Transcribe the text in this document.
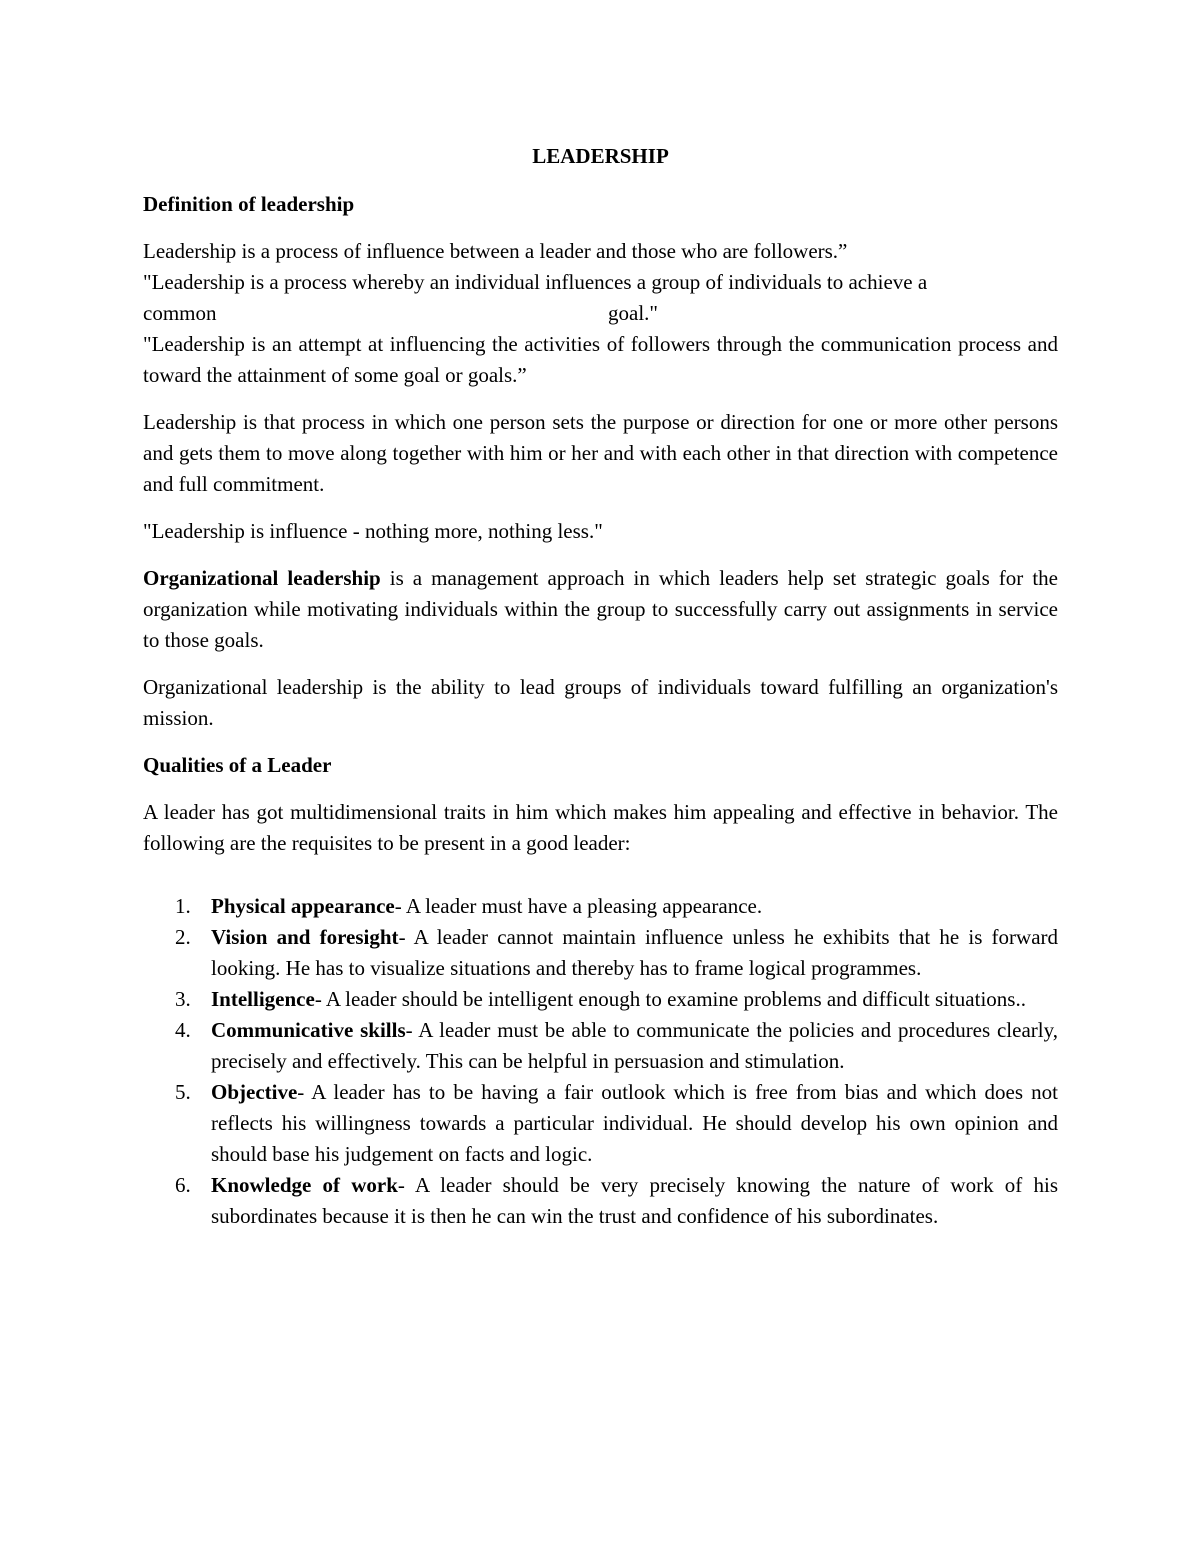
LEADERSHIP

Definition of leadership

Leadership is a process of influence between a leader and those who are followers.”

"Leadership is a process whereby an individual influences a group of individuals to achieve a

common	goal."

"Leadership is an attempt at influencing the activities of followers through the communication process and toward the attainment of some goal or goals.”

Leadership is that process in which one person sets the purpose or direction for one or more other persons and gets them to move along together with him or her and with each other in that direction with competence and full commitment.

"Leadership is influence - nothing more, nothing less."

Organizational leadership is a management approach in which leaders help set strategic goals for the organization while motivating individuals within the group to successfully carry out assignments in service to those goals.

Organizational leadership is the ability to lead groups of individuals toward fulfilling an organization's mission.

Qualities of a Leader

A leader has got multidimensional traits in him which makes him appealing and effective in behavior. The following are the requisites to be present in a good leader:

1. Physical appearance- A leader must have a pleasing appearance.
2. Vision and foresight- A leader cannot maintain influence unless he exhibits that he is forward looking. He has to visualize situations and thereby has to frame logical programmes.
3. Intelligence- A leader should be intelligent enough to examine problems and difficult situations..
4. Communicative skills- A leader must be able to communicate the policies and procedures clearly, precisely and effectively. This can be helpful in persuasion and stimulation.
5. Objective- A leader has to be having a fair outlook which is free from bias and which does not reflects his willingness towards a particular individual. He should develop his own opinion and should base his judgement on facts and logic.
6. Knowledge of work- A leader should be very precisely knowing the nature of work of his subordinates because it is then he can win the trust and confidence of his subordinates.
